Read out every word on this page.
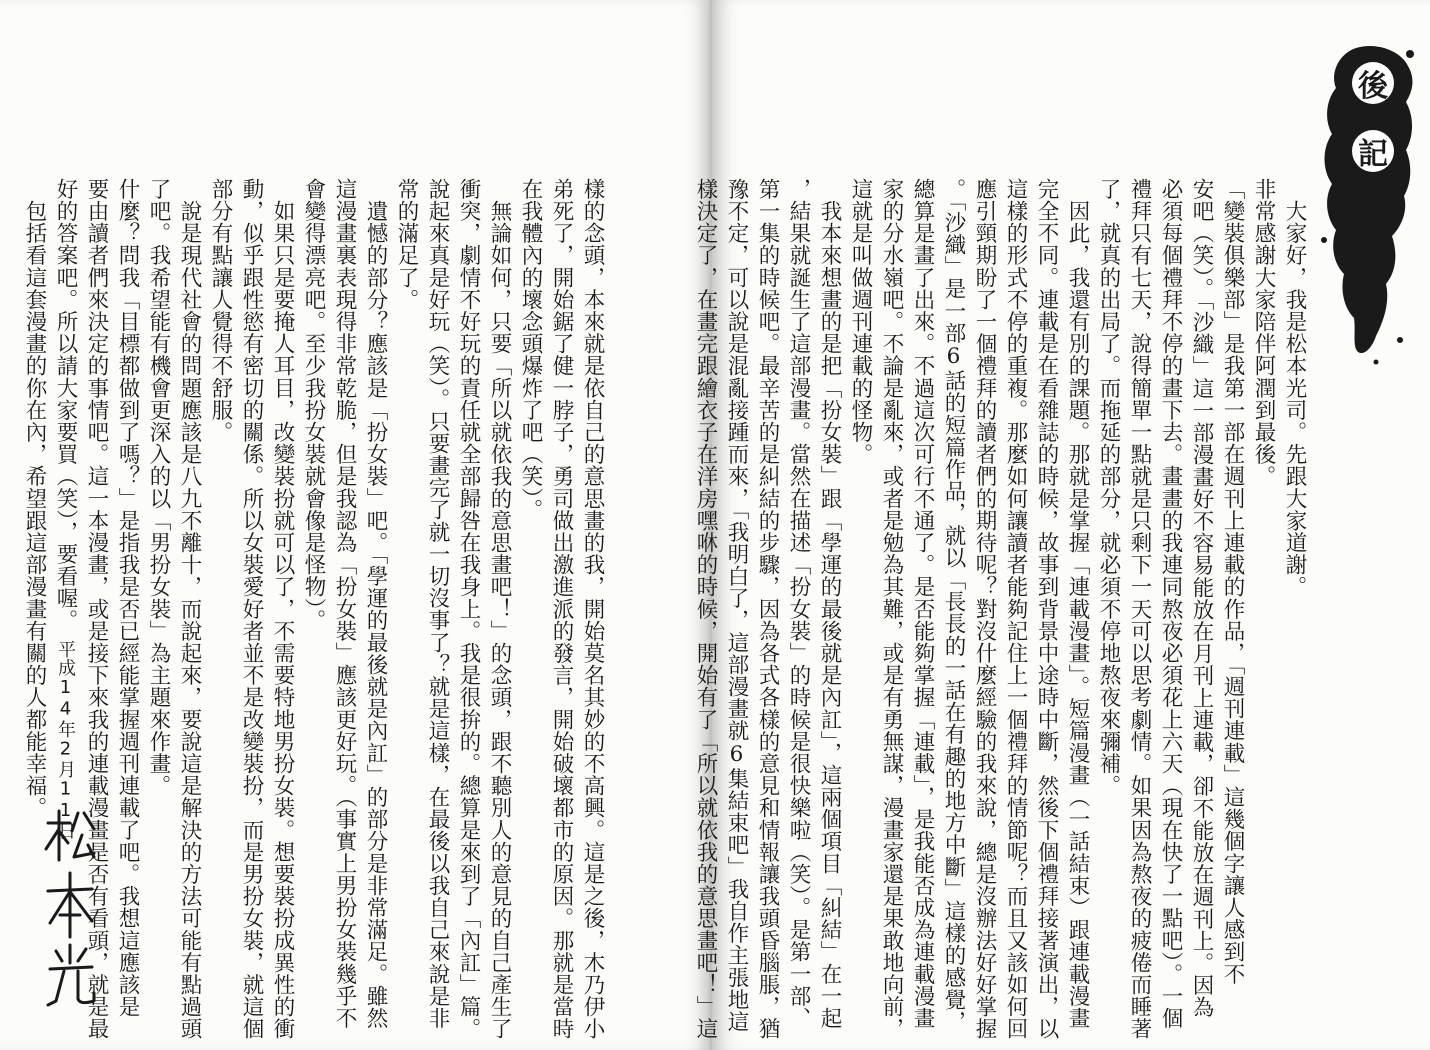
樣的念頭，本來就是依自己的意思畫的我，開始莫名其妙的不高興。這是之後，木乃伊小
弟死了，開始鋸了健一脖子，勇司做出激進派的發言，開始破壞都市的原因。那就是當時
在我體內的壞念頭爆炸了吧（笑）。

　無論如何，只要「所以就依我的意思畫吧！」的念頭，跟不聽別人的意見的自己產生了
衝突，劇情不好玩的責任就全部歸咎在我身上。我是很拚的。總算是來到了「內訌」篇。
說起來真是好玩（笑）。只要畫完了就一切沒事了？就是這樣，在最後以我自己來說是非
常的滿足了。

　遺憾的部分？應該是「扮女裝」吧。「學運的最後就是內訌」的部分是非常滿足。雖然
這漫畫裏表現得非常乾脆，但是我認為「扮女裝」應該更好玩。（事實上男扮女裝幾乎不
會變得漂亮吧。至少我扮女裝就會像是怪物）。

　如果只是要掩人耳目，改變裝扮就可以了，不需要特地男扮女裝。想要裝扮成異性的衝
動，似乎跟性慾有密切的關係。所以女裝愛好者並不是改變裝扮，而是男扮女裝，就這個
部分有點讓人覺得不舒服。

　說是現代社會的問題應該是八九不離十，而說起來，要說這是解決的方法可能有點過頭
了吧。我希望能有機會更深入的以「男扮女裝」為主題來作畫。
什麼？問我「目標都做到了嗎？」是指我是否已經能掌握週刊連載了吧。我想這應該是
要由讀者們來決定的事情吧。這一本漫畫，或是接下來我的連載漫畫是否有看頭，就是最
好的答案吧。所以請大家要買（笑），要看喔。

　包括看這套漫畫的你在內，希望跟這部漫畫有關的人都能幸福。 平成14年2月11日
後
記

　大家好，我是松本光司。先跟大家道謝。
非常感謝大家陪伴阿潤到最後。

「變裝俱樂部」是我第一部在週刊上連載的作品，「週刊連載」這幾個字讓人感到不
安吧（笑）。「沙織」這一部漫畫好不容易能放在月刊上連載，卻不能放在週刊上。因為
必須每個禮拜不停的畫下去。畫畫的我連同熬夜必須花上六天（現在快了一點吧）。一個
禮拜只有七天，說得簡單一點就是只剩下一天可以思考劇情。如果因為熬夜的疲倦而睡著
了，就真的出局了。而拖延的部分，就必須不停地熬夜來彌補。

　因此，我還有別的課題。那就是掌握「連載漫畫」。短篇漫畫（一話結束）跟連載漫畫
完全不同。連載是在看雜誌的時候，故事到背景中途時中斷，然後下個禮拜接著演出，以
這樣的形式不停的重複。那麼如何讓讀者能夠記住上一個禮拜的情節呢？而且又該如何回
應引頸期盼了一個禮拜的讀者們的期待呢？對沒什麼經驗的我來說，總是沒辦法好好掌握
。「沙織」是一部6話的短篇作品，就以「長長的一話在有趣的地方中斷」這樣的感覺，
總算是畫了出來。不過這次可行不通了。是否能夠掌握「連載」，是我能否成為連載漫畫
家的分水嶺吧。不論是亂來，或者是勉為其難，或是有勇無謀，漫畫家還是果敢地向前，
這就是叫做週刊連載的怪物。

　我本來想畫的是把「扮女裝」跟「學運的最後就是內訌」，這兩個項目「糾結」在一起
，結果就誕生了這部漫畫。當然在描述「扮女裝」的時候是很快樂啦（笑）。是第一部、
第一集的時候吧。最辛苦的是糾結的步驟，因為各式各樣的意見和情報讓我頭昏腦脹，猶
豫不定，可以說是混亂接踵而來，「我明白了，這部漫畫就6集結束吧」我自作主張地這
樣決定了，在畫完跟繪衣子在洋房嘿咻的時候，開始有了「所以就依我的意思畫吧！」這
